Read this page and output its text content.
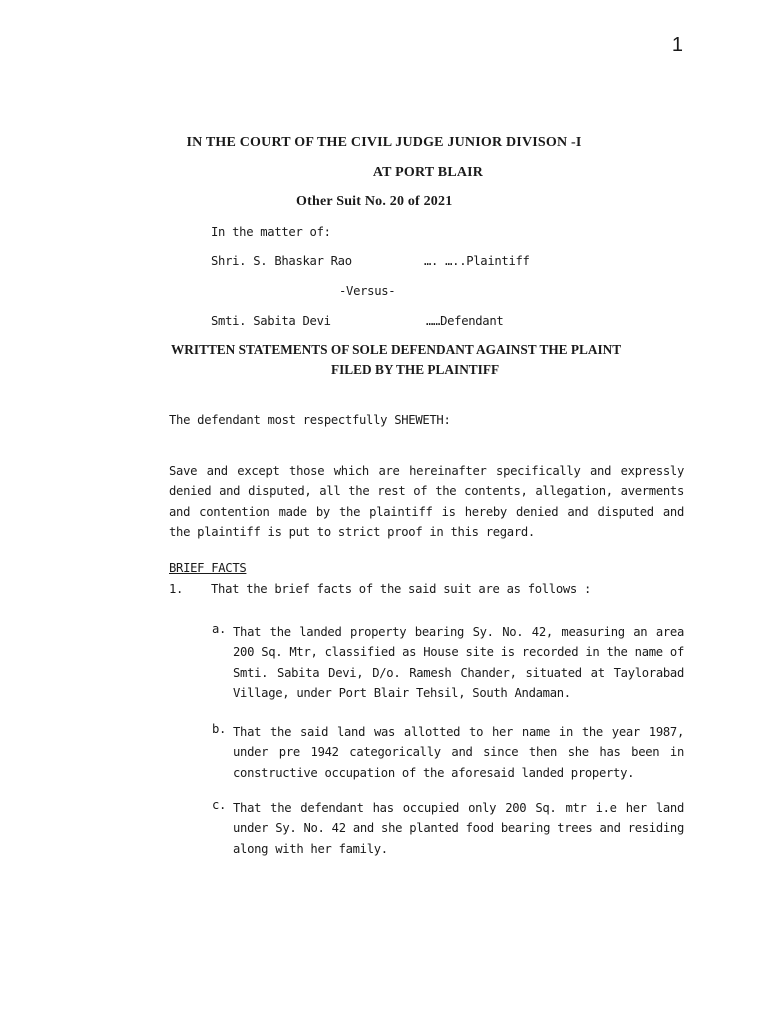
1
IN THE COURT OF THE CIVIL JUDGE JUNIOR DIVISON -I
AT PORT BLAIR
Other Suit No. 20 of 2021
In the matter of:
Shri. S. Bhaskar Rao	…. …..Plaintiff
-Versus-
Smti. Sabita Devi	……Defendant
WRITTEN STATEMENTS OF SOLE DEFENDANT AGAINST THE PLAINT
FILED BY THE PLAINTIFF
The defendant most respectfully SHEWETH:
Save and except those which are hereinafter specifically and expressly denied and disputed, all the rest of the contents, allegation, averments and contention made by the plaintiff is hereby denied and disputed and the plaintiff is put to strict proof in this regard.
BRIEF FACTS
1. That the brief facts of the said suit are as follows :
a. That the landed property bearing Sy. No. 42, measuring an area 200 Sq. Mtr, classified as House site is recorded in the name of Smti. Sabita Devi, D/o. Ramesh Chander, situated at Taylorabad Village, under Port Blair Tehsil, South Andaman.
b. That the said land was allotted to her name in the year 1987, under pre 1942 categorically and since then she has been in constructive occupation of the aforesaid landed property.
c. That the defendant has occupied only 200 Sq. mtr i.e her land under Sy. No. 42 and she planted food bearing trees and residing along with her family.
